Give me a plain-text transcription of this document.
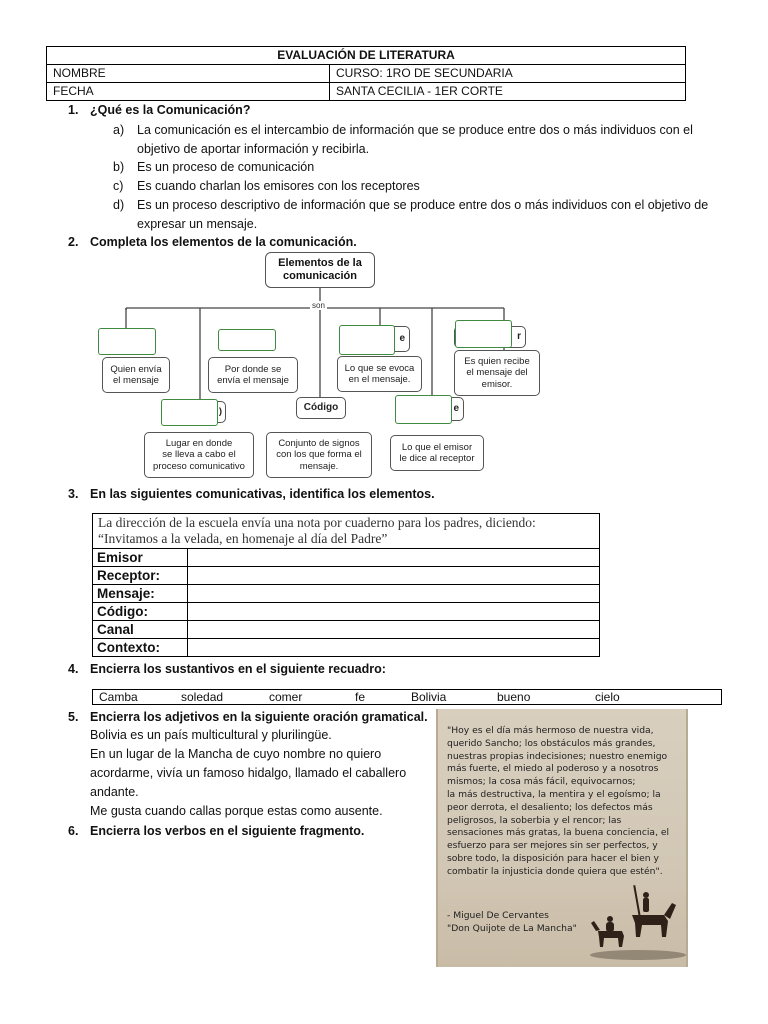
EVALUACIÓN DE LITERATURA	
NOMBRE	CURSO: 1RO DE SECUNDARIA
FECHA	SANTA CECILIA - 1ER CORTE
1. ¿Qué es la Comunicación?
a) La comunicación es el intercambio de información que se produce entre dos o más individuos con el
objetivo de aportar información y recibirla.
b) Es un proceso de comunicación
c) Es cuando charlan los emisores con los receptores
d) Es un proceso descriptivo de información que se produce entre dos o más individuos con el objetivo de
expresar un mensaje.
2. Completa los elementos de la comunicación.
Elementos de la
comunicación
son
e	r
Quien envía
el mensaje
Por donde se
envía el mensaje
Lo que se evoca
en el mensaje.
Es quien recibe
el mensaje del
emisor.
)	Código	e
Lugar en donde
se lleva a cabo el
proceso comunicativo
Conjunto de signos
con los que forma el
mensaje.
Lo que el emisor
le dice al receptor
3. En las siguientes comunicativas, identifica los elementos.
La dirección de la escuela envía una nota por cuaderno para los padres, diciendo:
“Invitamos a la velada, en homenaje al día del Padre”	

Emisor	
Receptor:	
Mensaje:	
Código:	
Canal	
Contexto:	
4. Encierra los sustantivos en el siguiente recuadro:
Camba	soledad	comer	fe	Bolivia	bueno	cielo
5. Encierra los adjetivos en la siguiente oración gramatical.
Bolivia es un país multicultural y plurilingüe.
En un lugar de la Mancha de cuyo nombre no quiero
acordarme, vivía un famoso hidalgo, llamado el caballero
andante.
Me gusta cuando callas porque estas como ausente.
6. Encierra los verbos en el siguiente fragmento.
"Hoy es el día más hermoso de nuestra vida,
querido Sancho; los obstáculos más grandes,
nuestras propias indecisiones; nuestro enemigo
más fuerte, el miedo al poderoso y a nosotros
mismos; la cosa más fácil, equivocarnos;
la más destructiva, la mentira y el egoísmo; la
peor derrota, el desaliento; los defectos más
peligrosos, la soberbia y el rencor; las
sensaciones más gratas, la buena conciencia, el
esfuerzo para ser mejores sin ser perfectos, y
sobre todo, la disposición para hacer el bien y
combatir la injusticia donde quiera que estén".
- Miguel De Cervantes
"Don Quijote de La Mancha"
